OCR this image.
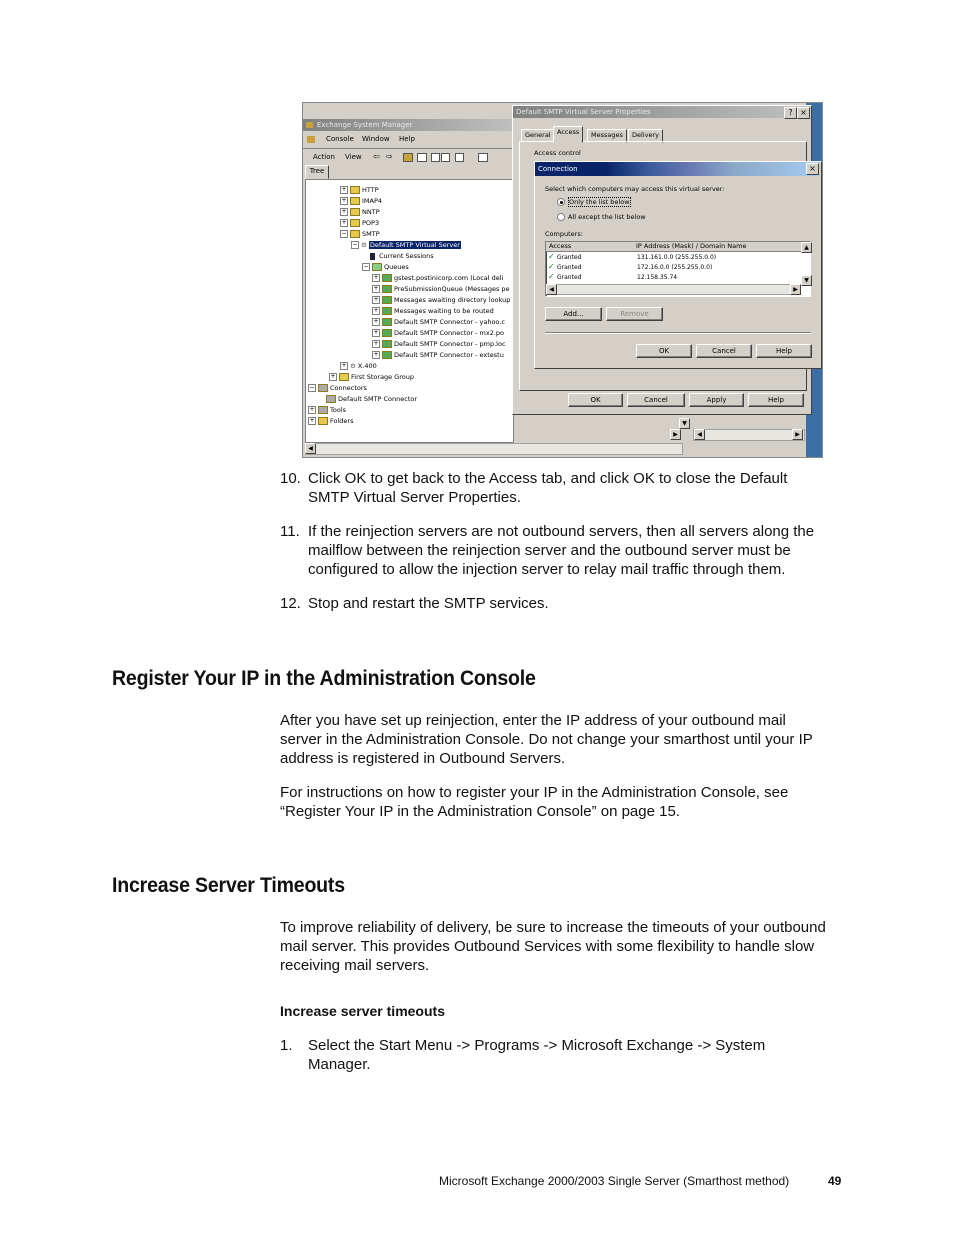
Exchange System Manager
Console Window Help
Action View ⇦ ⇨
Tree
+ HTTP
+ IMAP4
+ NNTP
+ POP3
− SMTP
− ⚙ Default SMTP Virtual Server
Current Sessions
− Queues
+ gstest.postinicorp.com (Local deli
+ PreSubmissionQueue (Messages pe
+ Messages awaiting directory lookup
+ Messages waiting to be routed
+ Default SMTP Connector - yahoo.c
+ Default SMTP Connector - mx2.po
+ Default SMTP Connector - pmp.loc
+ Default SMTP Connector - extestu
+ ⚙ X.400
+ First Storage Group
− Connectors
Default SMTP Connector
+ Tools
+ Folders
◀
▶
▼
◀	▶
Default SMTP Virtual Server Properties	? ×
General Access	Messages	Delivery
Access control
OK	Cancel	Apply	Help
Connection	×
Select which computers may access this virtual server:
Only the list below
All except the list below
Computers:
Access	IP Address (Mask) / Domain Name
✓ Granted	131.161.0.0 (255.255.0.0)
✓ Granted	172.16.0.0 (255.255.0.0)
✓ Granted	12.158.35.74
▲
▼
◀	▶
Add...	Remove
OK	Cancel	Help
10. Click OK to get back to the Access tab, and click OK to close the Default
SMTP Virtual Server Properties.
11. If the reinjection servers are not outbound servers, then all servers along the
mailflow between the reinjection server and the outbound server must be
configured to allow the injection server to relay mail traffic through them.
12. Stop and restart the SMTP services.
Register Your IP in the Administration Console
After you have set up reinjection, enter the IP address of your outbound mail
server in the Administration Console. Do not change your smarthost until your IP
address is registered in Outbound Servers.
For instructions on how to register your IP in the Administration Console, see
“Register Your IP in the Administration Console” on page 15.
Increase Server Timeouts
To improve reliability of delivery, be sure to increase the timeouts of your outbound
mail server. This provides Outbound Services with some flexibility to handle slow
receiving mail servers.
Increase server timeouts
1. Select the Start Menu -> Programs -> Microsoft Exchange -> System
Manager.
Microsoft Exchange 2000/2003 Single Server (Smarthost method)	49
